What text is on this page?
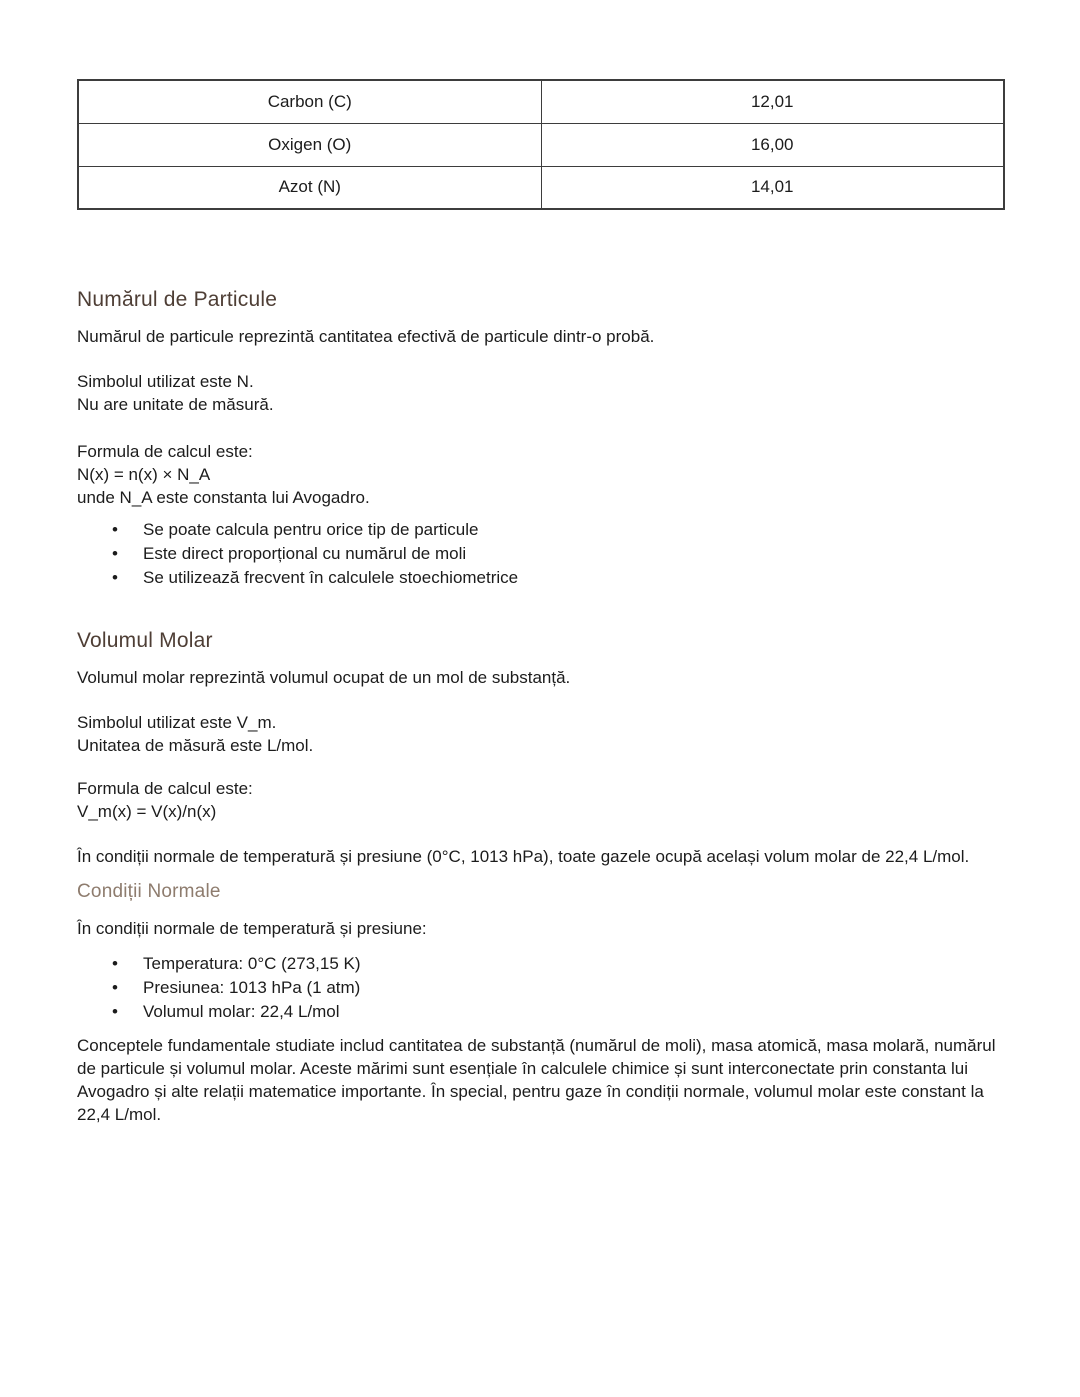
Carbon (C)	12,01
Oxigen (O)	16,00
Azot (N)	14,01
Numărul de Particule

Numărul de particule reprezintă cantitatea efectivă de particule dintr-o probă.

Simbolul utilizat este N.
Nu are unitate de măsură.

Formula de calcul este:
N(x) = n(x) × N_A
unde N_A este constanta lui Avogadro.

• Se poate calcula pentru orice tip de particule
• Este direct proporțional cu numărul de moli
• Se utilizează frecvent în calculele stoechiometrice
Volumul Molar

Volumul molar reprezintă volumul ocupat de un mol de substanță.

Simbolul utilizat este V_m.
Unitatea de măsură este L/mol.

Formula de calcul este:
V_m(x) = V(x)/n(x)

În condiții normale de temperatură și presiune (0°C, 1013 hPa), toate gazele ocupă același volum molar de 22,4 L/mol.

Condiții Normale

În condiții normale de temperatură și presiune:

• Temperatura: 0°C (273,15 K)
• Presiunea: 1013 hPa (1 atm)
• Volumul molar: 22,4 L/mol

Conceptele fundamentale studiate includ cantitatea de substanță (numărul de moli), masa atomică, masa molară, numărul de particule și volumul molar. Aceste mărimi sunt esențiale în calculele chimice și sunt interconectate prin constanta lui Avogadro și alte relații matematice importante. În special, pentru gaze în condiții normale, volumul molar este constant la 22,4 L/mol.
